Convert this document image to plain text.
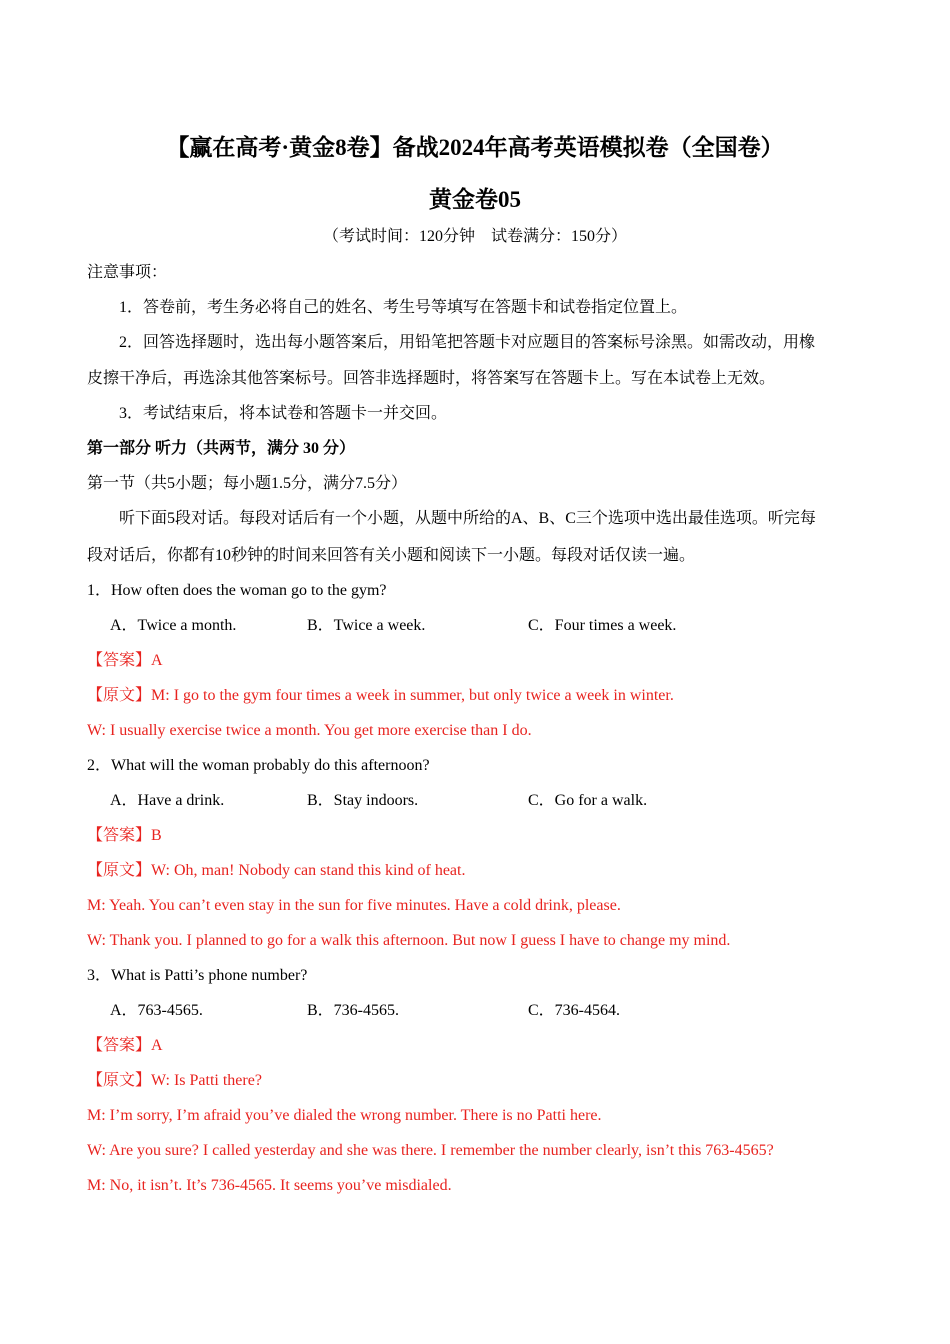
【赢在高考·黄金8卷】备战2024年高考英语模拟卷（全国卷）
黄金卷05
（考试时间：120分钟　试卷满分：150分）
注意事项：
1．答卷前，考生务必将自己的姓名、考生号等填写在答题卡和试卷指定位置上。
2．回答选择题时，选出每小题答案后，用铅笔把答题卡对应题目的答案标号涂黑。如需改动，用橡
皮擦干净后，再选涂其他答案标号。回答非选择题时，将答案写在答题卡上。写在本试卷上无效。
3．考试结束后，将本试卷和答题卡一并交回。
第一部分 听力（共两节，满分 30 分）
第一节（共5小题；每小题1.5分，满分7.5分）
听下面5段对话。每段对话后有一个小题，从题中所给的A、B、C三个选项中选出最佳选项。听完每
段对话后，你都有10秒钟的时间来回答有关小题和阅读下一小题。每段对话仅读一遍。
1．How often does the woman go to the gym?
A．Twice a month.	B．Twice a week.	C．Four times a week.
【答案】A
【原文】M: I go to the gym four times a week in summer, but only twice a week in winter.
W: I usually exercise twice a month. You get more exercise than I do.
2．What will the woman probably do this afternoon?
A．Have a drink.	B．Stay indoors.	C．Go for a walk.
【答案】B
【原文】W: Oh, man! Nobody can stand this kind of heat.
M: Yeah. You can’t even stay in the sun for five minutes. Have a cold drink, please.
W: Thank you. I planned to go for a walk this afternoon. But now I guess I have to change my mind.
3．What is Patti’s phone number?
A．763-4565.	B．736-4565.	C．736-4564.
【答案】A
【原文】W: Is Patti there?
M: I’m sorry, I’m afraid you’ve dialed the wrong number. There is no Patti here.
W: Are you sure? I called yesterday and she was there. I remember the number clearly, isn’t this 763-4565?
M: No, it isn’t. It’s 736-4565. It seems you’ve misdialed.
